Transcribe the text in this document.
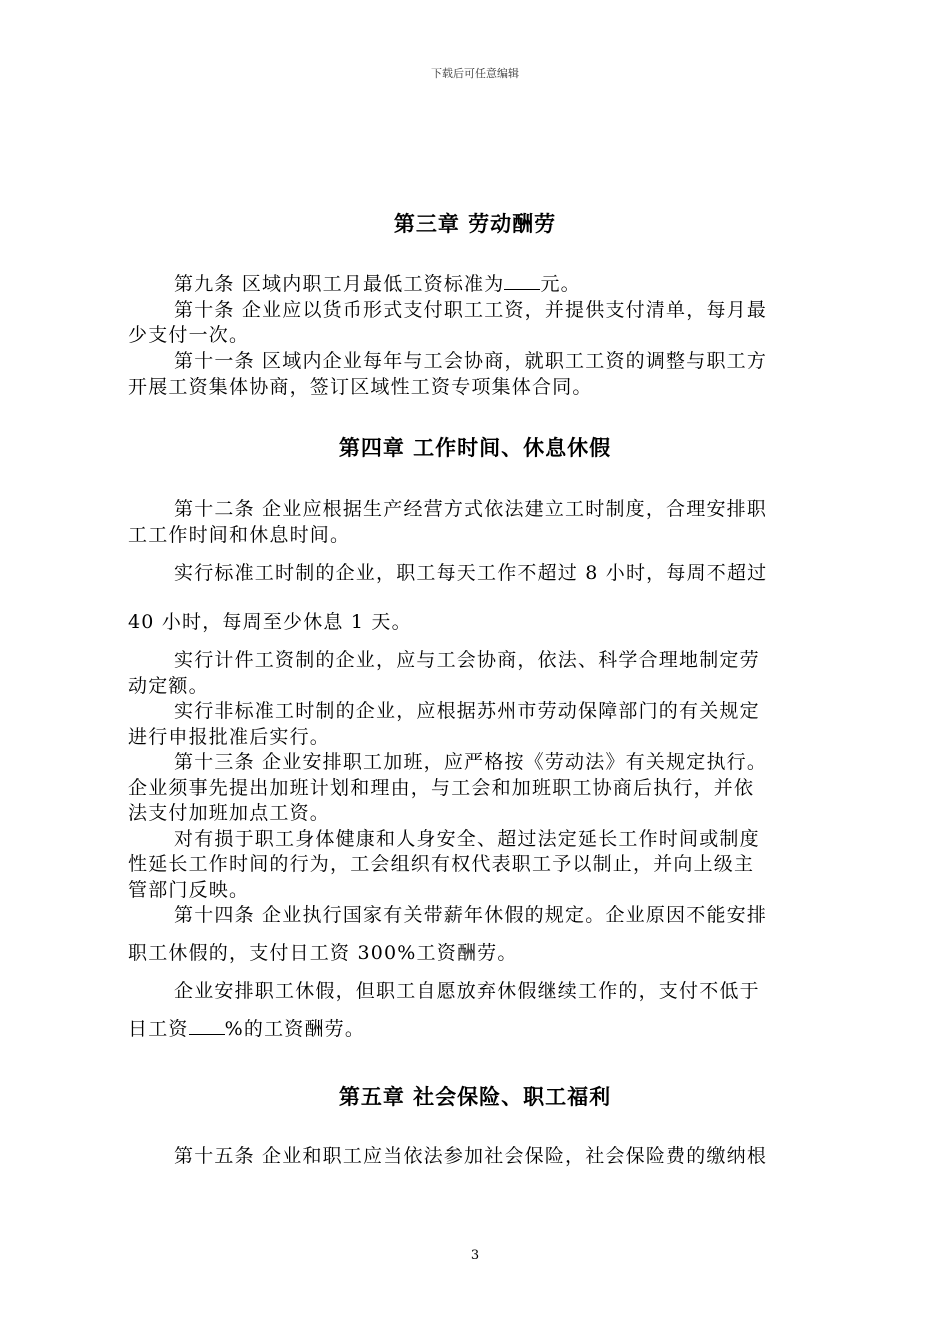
下载后可任意编辑
第三章 劳动酬劳
第九条 区域内职工月最低工资标准为 元。
第十条 企业应以货币形式支付职工工资，并提供支付清单，每月最
少支付一次。
第十一条 区域内企业每年与工会协商，就职工工资的调整与职工方
开展工资集体协商，签订区域性工资专项集体合同。
第四章 工作时间、休息休假
第十二条 企业应根据生产经营方式依法建立工时制度，合理安排职
工工作时间和休息时间。
实行标准工时制的企业，职工每天工作不超过 8 小时，每周不超过
40 小时，每周至少休息 1 天。
实行计件工资制的企业，应与工会协商，依法、科学合理地制定劳
动定额。
实行非标准工时制的企业，应根据苏州市劳动保障部门的有关规定
进行申报批准后实行。
第十三条 企业安排职工加班，应严格按《劳动法》有关规定执行。
企业须事先提出加班计划和理由，与工会和加班职工协商后执行，并依
法支付加班加点工资。
对有损于职工身体健康和人身安全、超过法定延长工作时间或制度
性延长工作时间的行为，工会组织有权代表职工予以制止，并向上级主
管部门反映。
第十四条 企业执行国家有关带薪年休假的规定。企业原因不能安排
职工休假的，支付日工资 300%工资酬劳。
企业安排职工休假，但职工自愿放弃休假继续工作的，支付不低于
日工资 %的工资酬劳。
第五章 社会保险、职工福利
第十五条 企业和职工应当依法参加社会保险，社会保险费的缴纳根
3
